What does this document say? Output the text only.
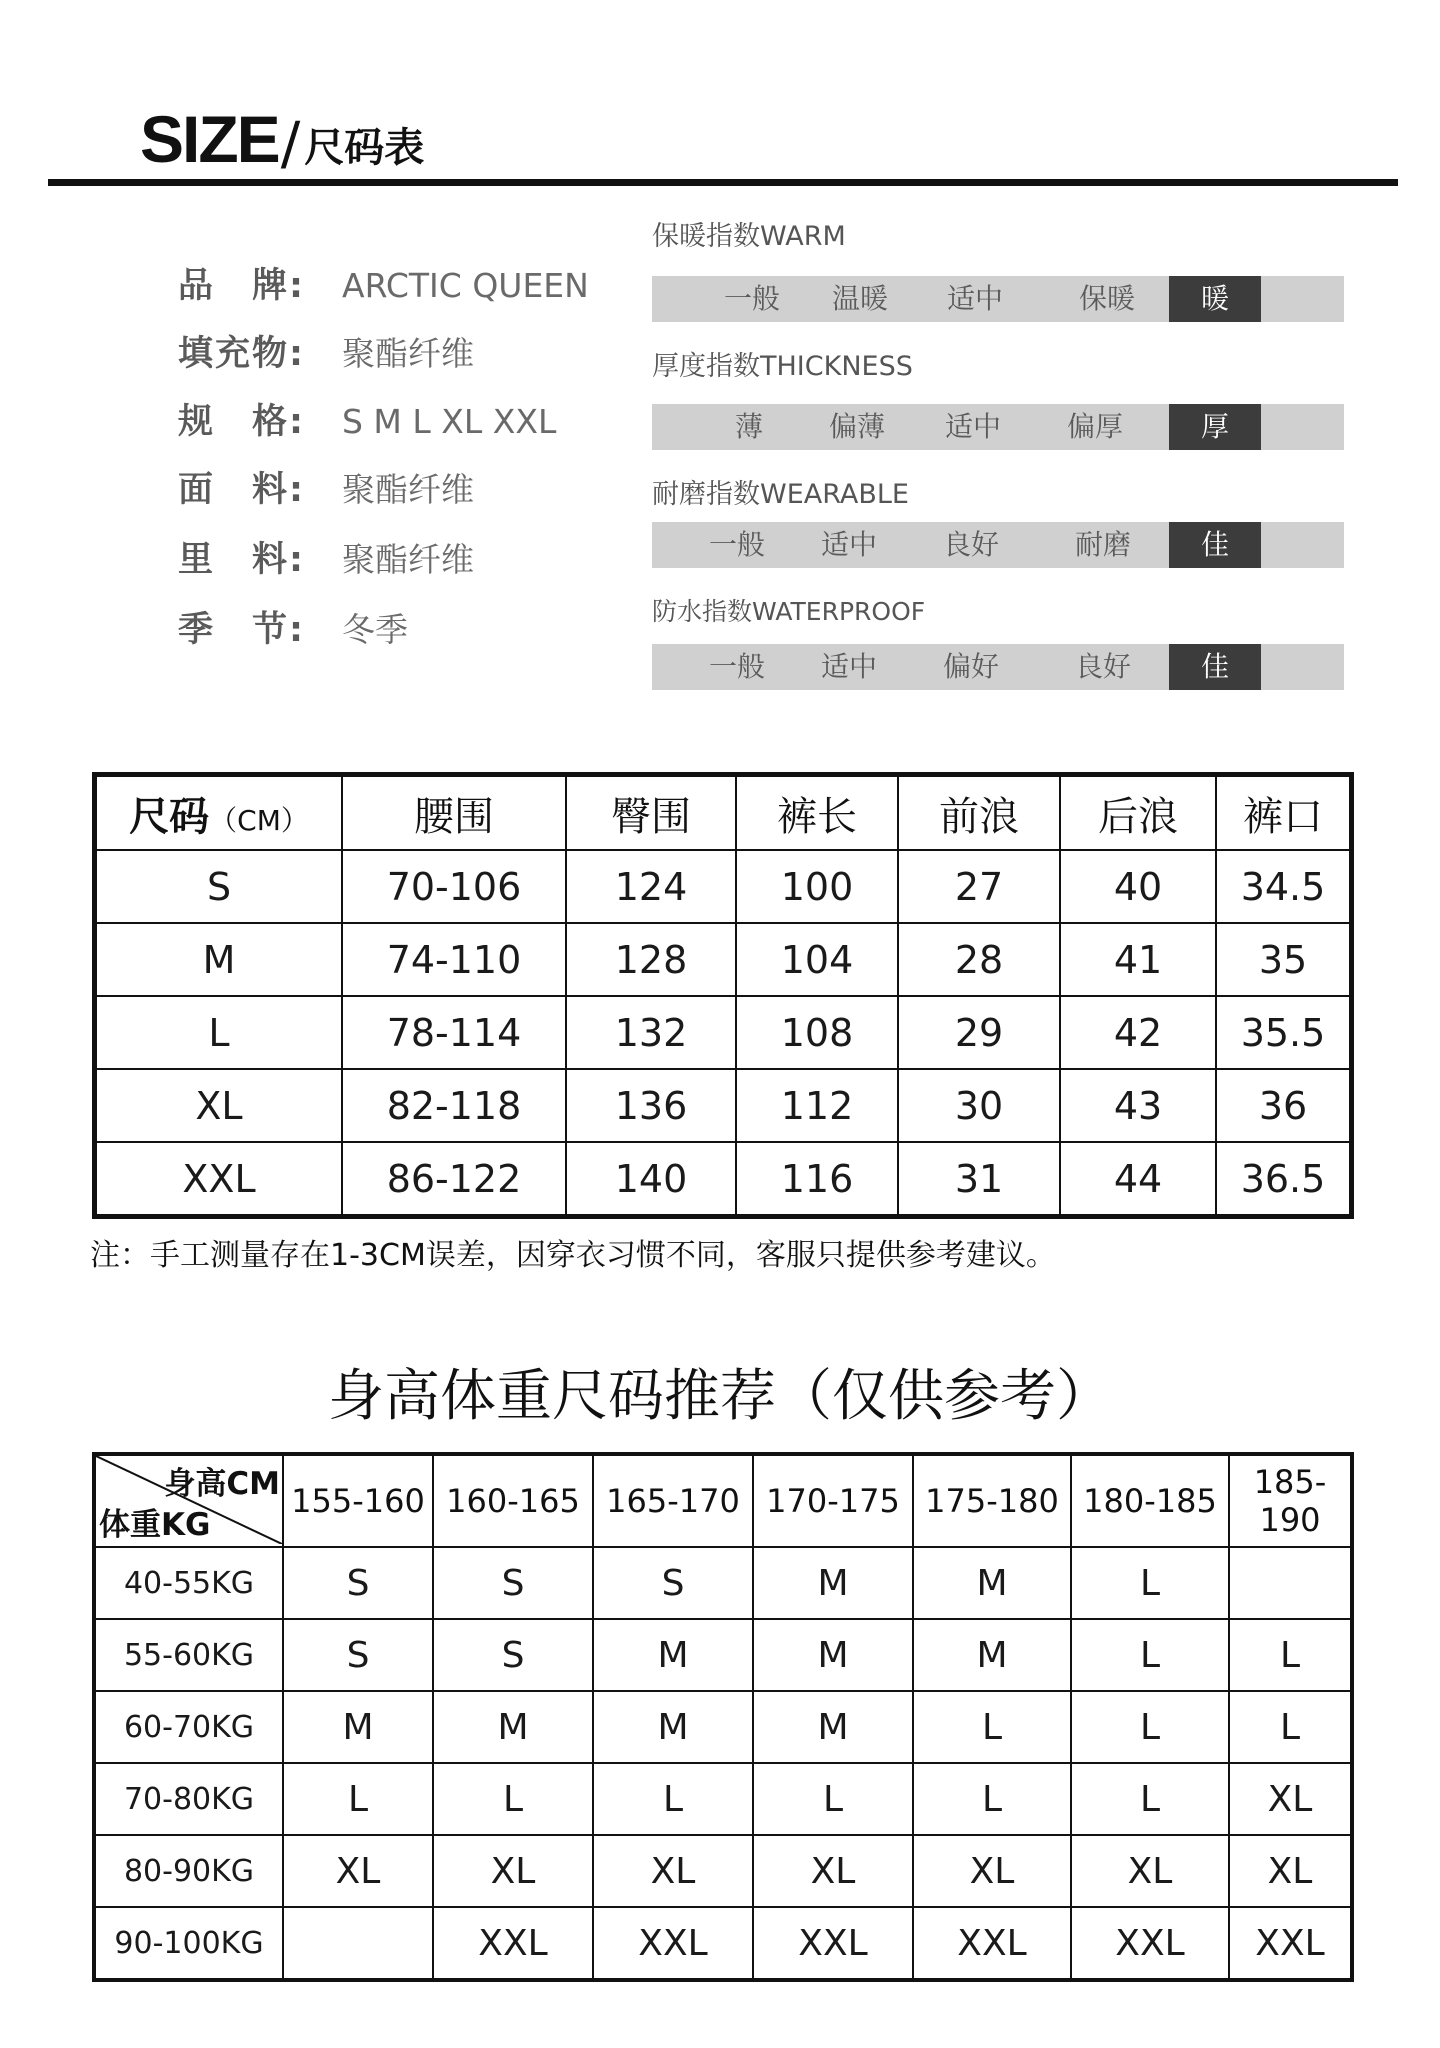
SIZE / 尺码表
品　牌:	ARCTIC QUEEN
填充物:	聚酯纤维
规　格:	S M L XL XXL
面　料:	聚酯纤维
里　料:	聚酯纤维
季　节:	冬季
保暖指数WARM
一般	温暖	适中	保暖	暖
厚度指数THICKNESS
薄	偏薄	适中	偏厚	厚
耐磨指数WEARABLE
一般	适中	良好	耐磨	佳
防水指数WATERPROOF
一般	适中	偏好	良好	佳
尺码（CM）	腰围	臀围	裤长	前浪	后浪	裤口
S	70-106	124	100	27	40	34.5
M	74-110	128	104	28	41	35
L	78-114	132	108	29	42	35.5
XL	82-118	136	112	30	43	36
XXL	86-122	140	116	31	44	36.5
注：手工测量存在1-3CM误差，因穿衣习惯不同，客服只提供参考建议。
身高体重尺码推荐（仅供参考）
身高CM
体重KG	155-160	160-165	165-170	170-175	175-180	180-185	185-190
40-55KG	S	S	S	M	M	L	
55-60KG	S	S	M	M	M	L	L
60-70KG	M	M	M	M	L	L	L
70-80KG	L	L	L	L	L	L	XL
80-90KG	XL	XL	XL	XL	XL	XL	XL
90-100KG		XXL	XXL	XXL	XXL	XXL	XXL
